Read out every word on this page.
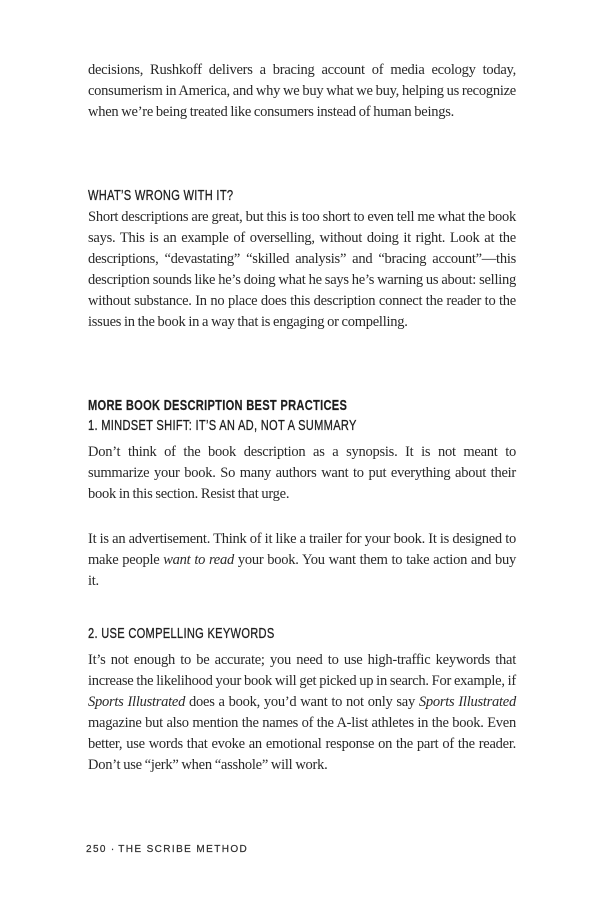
decisions, Rushkoff delivers a bracing account of media ecology today, consumerism in America, and why we buy what we buy, helping us recognize when we’re being treated like consumers instead of human beings.

WHAT’S WRONG WITH IT?

Short descriptions are great, but this is too short to even tell me what the book says. This is an example of overselling, without doing it right. Look at the descriptions, “devastating” “skilled analysis” and “bracing account”—this description sounds like he’s doing what he says he’s warning us about: selling without substance. In no place does this description connect the reader to the issues in the book in a way that is engaging or compelling.

MORE BOOK DESCRIPTION BEST PRACTICES
1. MINDSET SHIFT: IT’S AN AD, NOT A SUMMARY

Don’t think of the book description as a synopsis. It is not meant to summarize your book. So many authors want to put everything about their book in this section. Resist that urge.

It is an advertisement. Think of it like a trailer for your book. It is designed to make people want to read your book. You want them to take action and buy it.

2. USE COMPELLING KEYWORDS

It’s not enough to be accurate; you need to use high-traffic keywords that increase the likelihood your book will get picked up in search. For example, if Sports Illustrated does a book, you’d want to not only say Sports Illustrated magazine but also mention the names of the A-list athletes in the book. Even better, use words that evoke an emotional response on the part of the reader. Don’t use “jerk” when “asshole” will work.

250 · THE SCRIBE METHOD
